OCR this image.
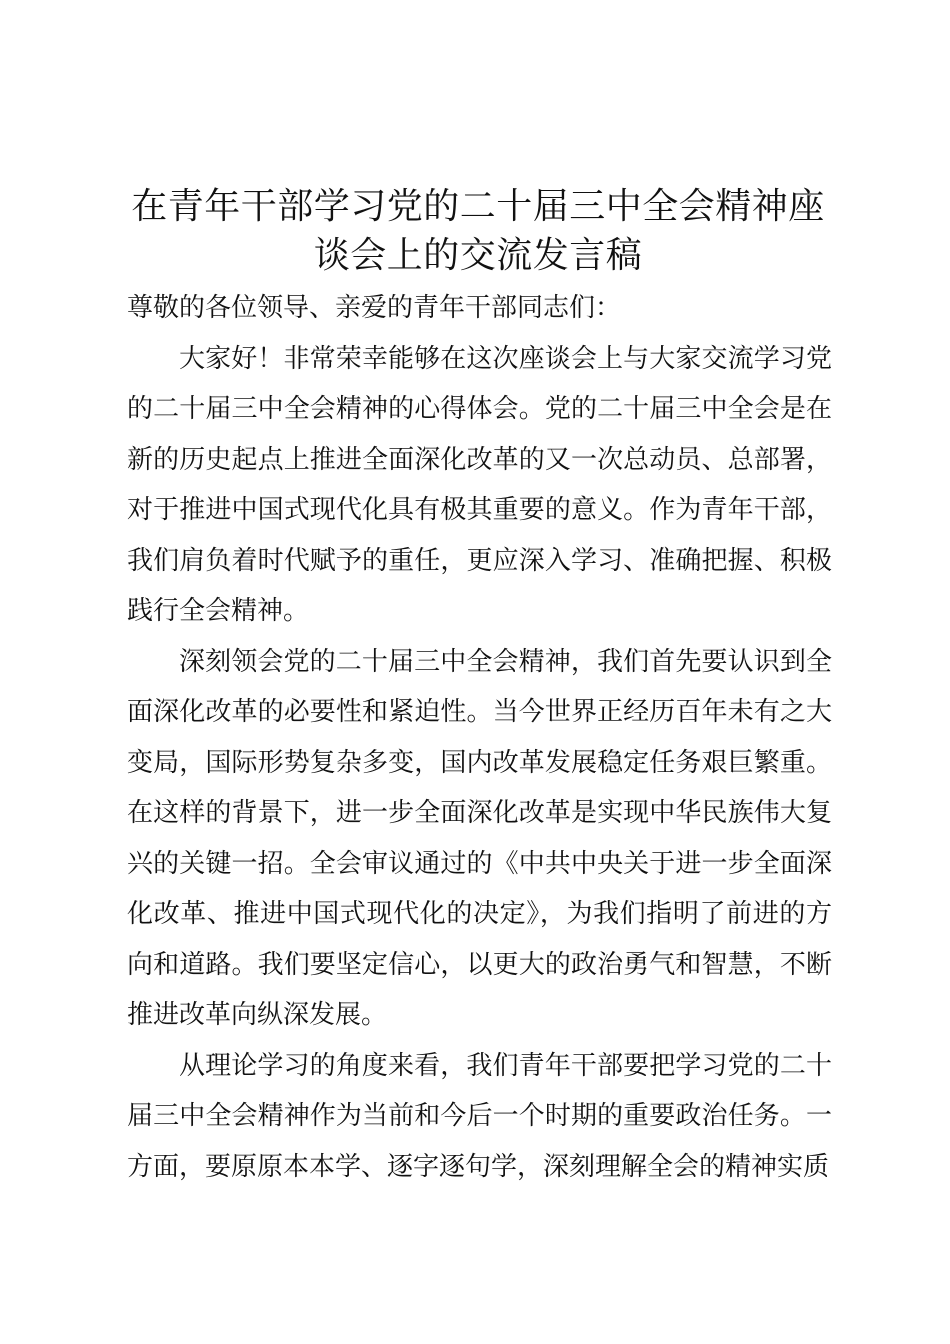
在青年干部学习党的二十届三中全会精神座谈会上的交流发言稿

尊敬的各位领导、亲爱的青年干部同志们：

大家好！非常荣幸能够在这次座谈会上与大家交流学习党的二十届三中全会精神的心得体会。党的二十届三中全会是在新的历史起点上推进全面深化改革的又一次总动员、总部署，对于推进中国式现代化具有极其重要的意义。作为青年干部，我们肩负着时代赋予的重任，更应深入学习、准确把握、积极践行全会精神。

深刻领会党的二十届三中全会精神，我们首先要认识到全面深化改革的必要性和紧迫性。当今世界正经历百年未有之大变局，国际形势复杂多变，国内改革发展稳定任务艰巨繁重。在这样的背景下，进一步全面深化改革是实现中华民族伟大复兴的关键一招。全会审议通过的《中共中央关于进一步全面深化改革、推进中国式现代化的决定》，为我们指明了前进的方向和道路。我们要坚定信心，以更大的政治勇气和智慧，不断推进改革向纵深发展。

从理论学习的角度来看，我们青年干部要把学习党的二十届三中全会精神作为当前和今后一个时期的重要政治任务。一方面，要原原本本学、逐字逐句学，深刻理解全会的精神实质
